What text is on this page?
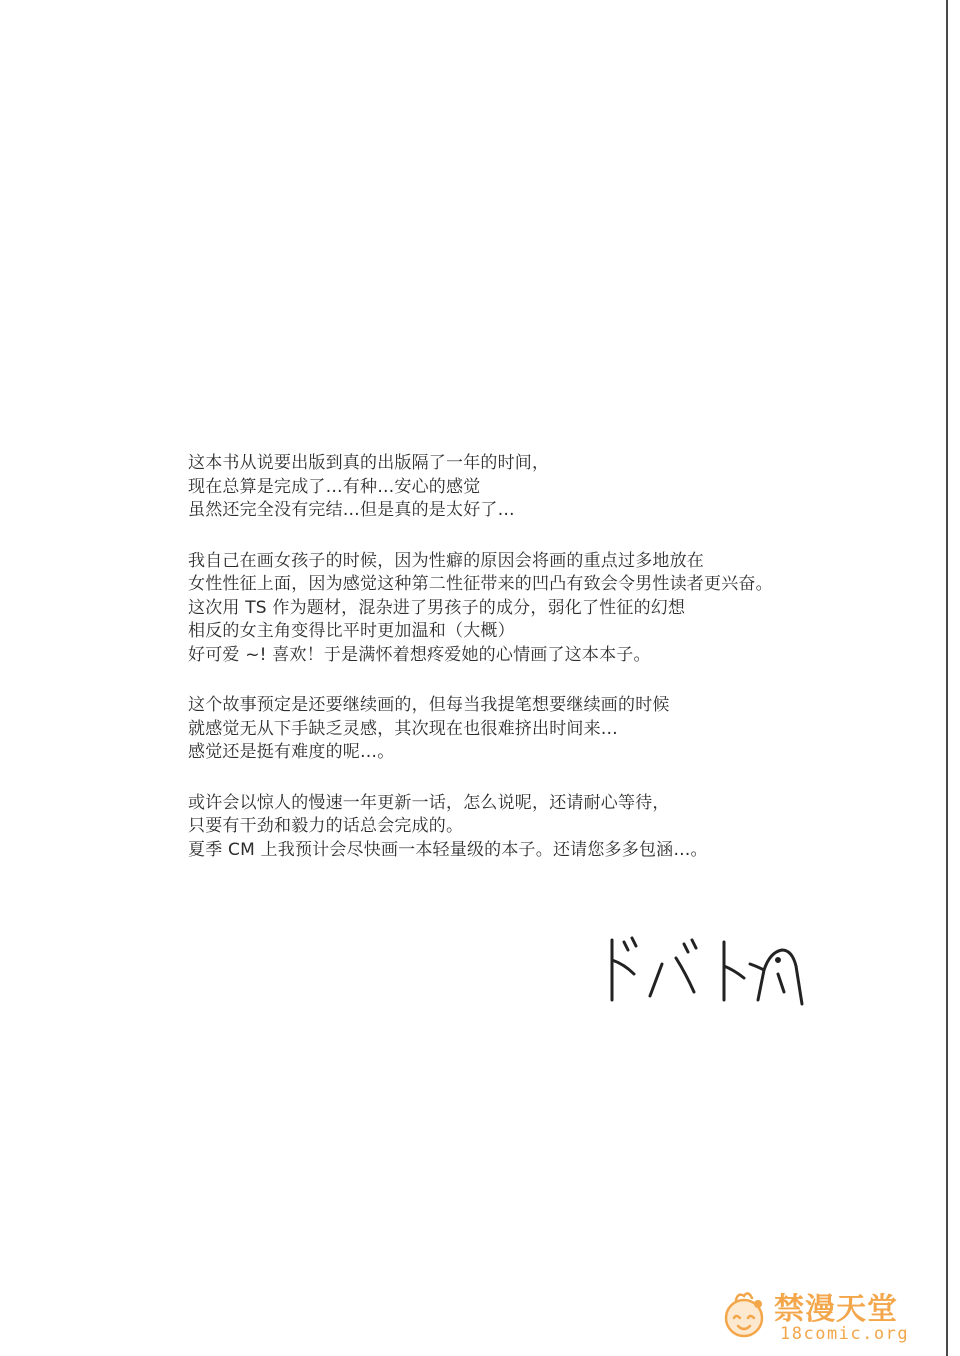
这本书从说要出版到真的出版隔了一年的时间，
现在总算是完成了…有种…安心的感觉
虽然还完全没有完结…但是真的是太好了…
我自己在画女孩子的时候，因为性癖的原因会将画的重点过多地放在
女性性征上面，因为感觉这种第二性征带来的凹凸有致会令男性读者更兴奋。
这次用 TS 作为题材，混杂进了男孩子的成分，弱化了性征的幻想
相反的女主角变得比平时更加温和（大概）
好可爱 ~! 喜欢！于是满怀着想疼爱她的心情画了这本本子。
这个故事预定是还要继续画的，但每当我提笔想要继续画的时候
就感觉无从下手缺乏灵感，其次现在也很难挤出时间来…
感觉还是挺有难度的呢…。
或许会以惊人的慢速一年更新一话，怎么说呢，还请耐心等待，
只要有干劲和毅力的话总会完成的。
夏季 CM 上我预计会尽快画一本轻量级的本子。还请您多多包涵…。
禁漫天堂
18comic.org
